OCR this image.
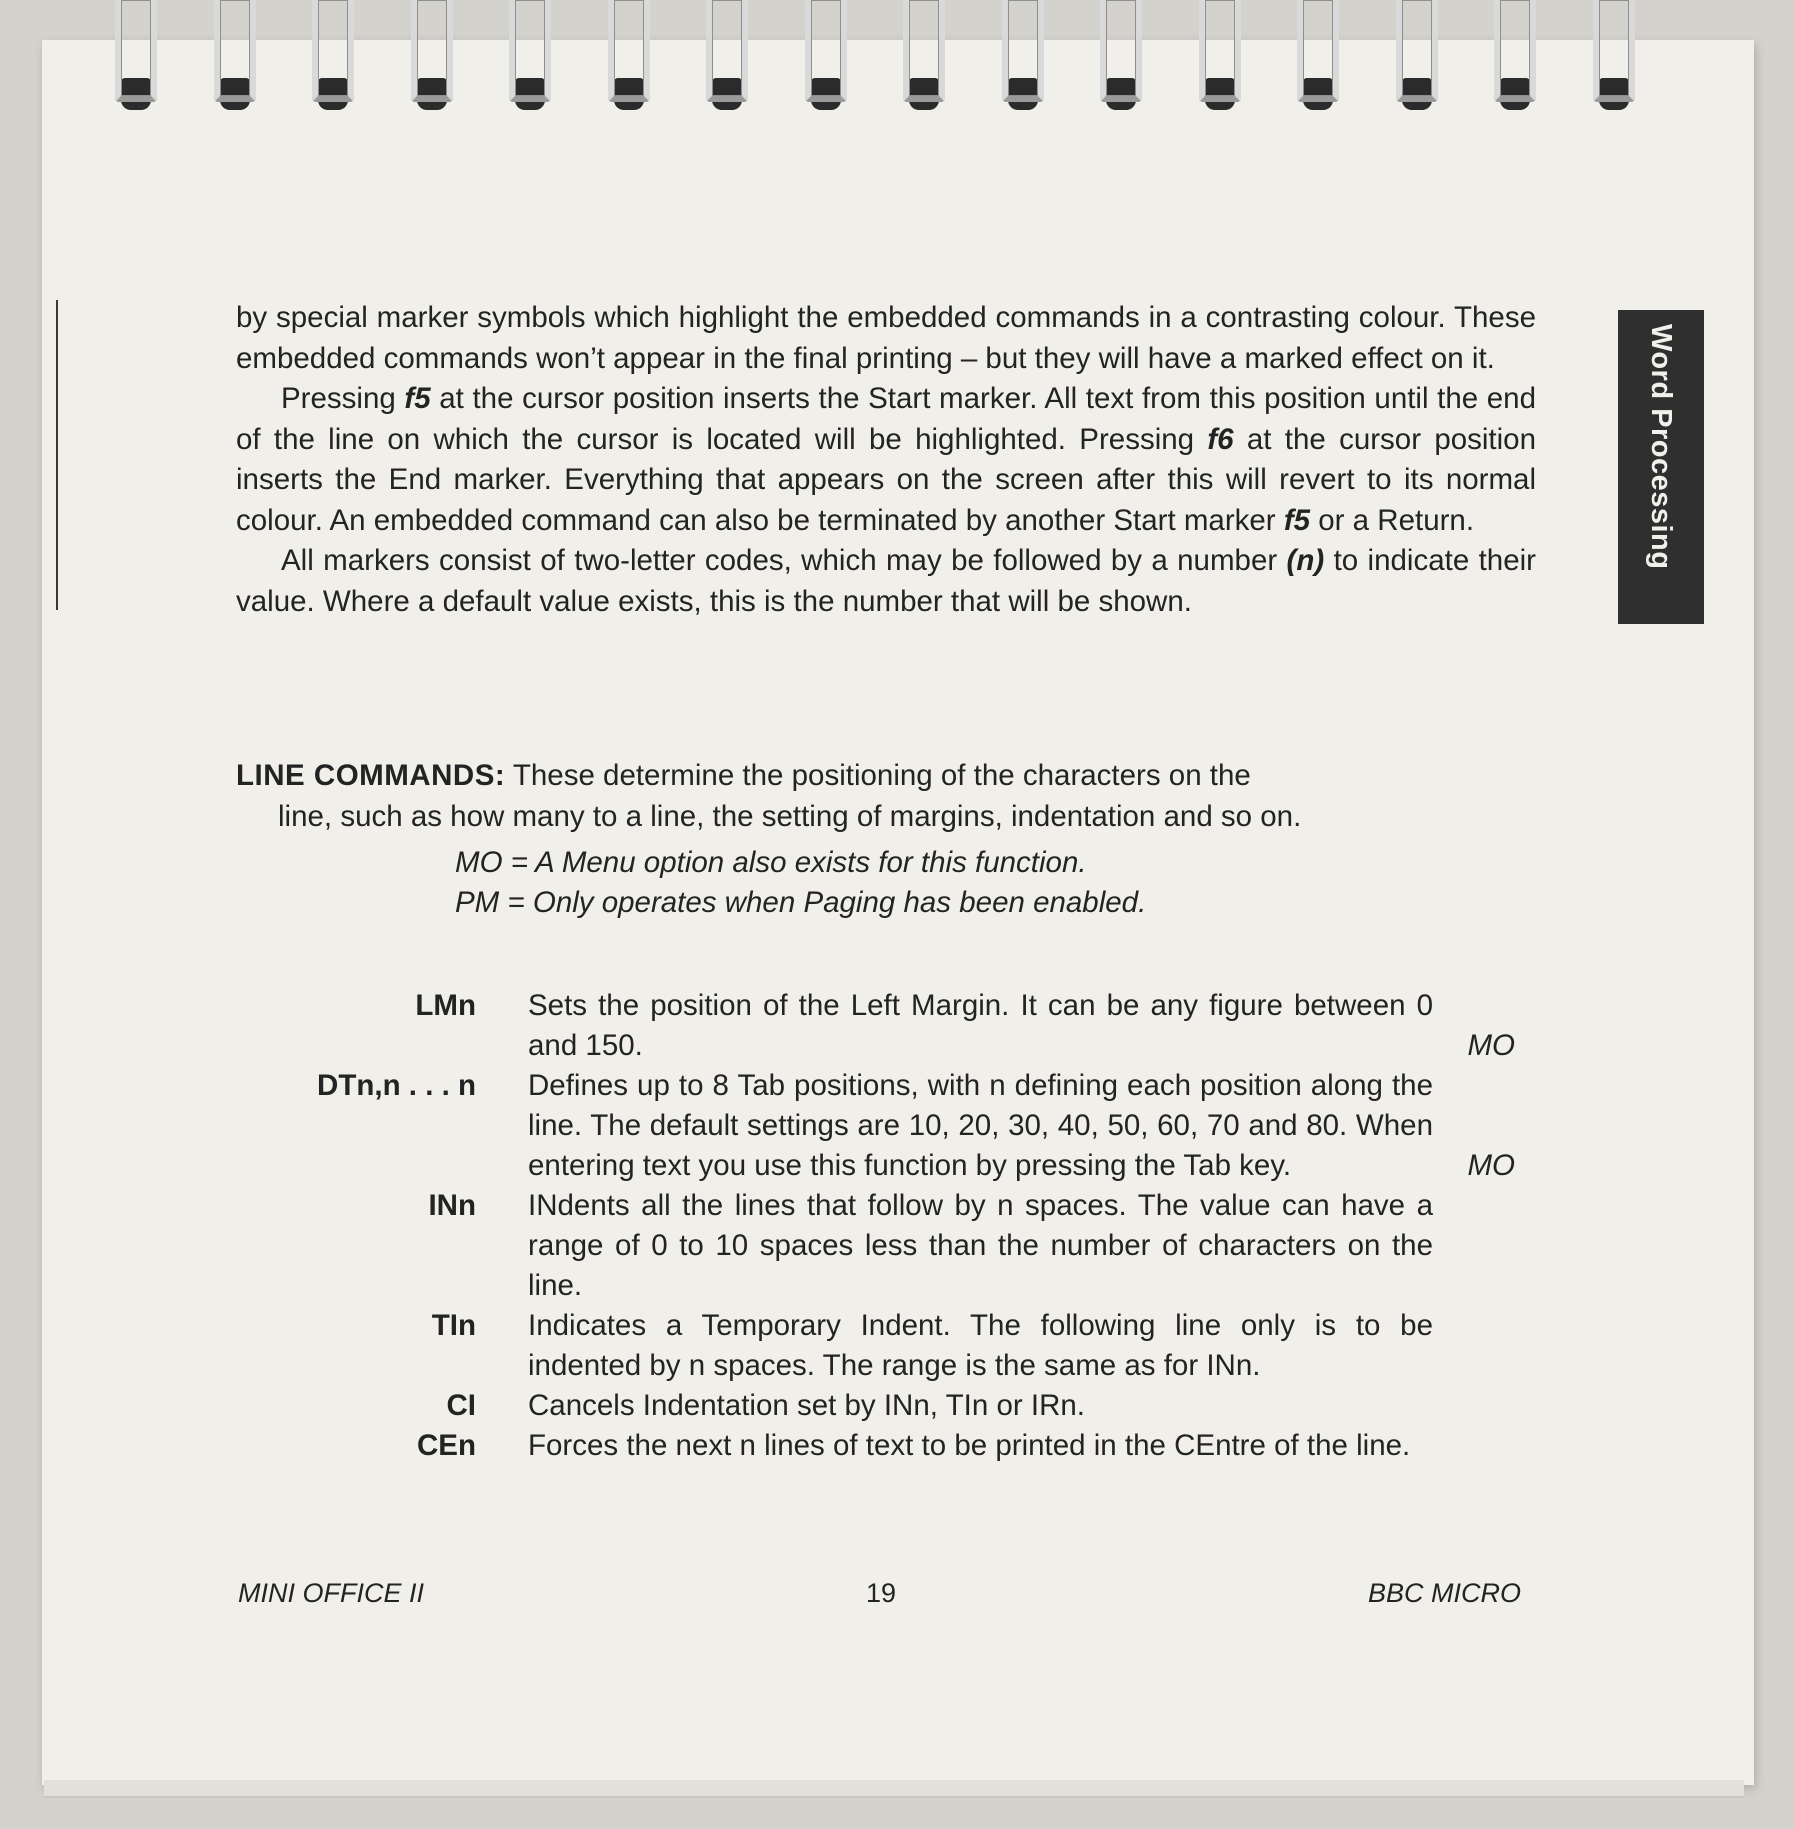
Word Processing

by special marker symbols which highlight the embedded commands in a contrasting colour. These embedded commands won’t appear in the final printing – but they will have a marked effect on it.

Pressing f5 at the cursor position inserts the Start marker. All text from this position until the end of the line on which the cursor is located will be highlighted. Pressing f6 at the cursor position inserts the End marker. Everything that appears on the screen after this will revert to its normal colour. An embedded command can also be terminated by another Start marker f5 or a Return.

All markers consist of two-letter codes, which may be followed by a number (n) to indicate their value. Where a default value exists, this is the number that will be shown.

LINE COMMANDS: These determine the positioning of the characters on the
line, such as how many to a line, the setting of margins, indentation and so on.
MO = A Menu option also exists for this function.
PM = Only operates when Paging has been enabled.
LMn	Sets the position of the Left Margin. It can be any figure between 0 and 150.	MO
DTn,n . . . n	Defines up to 8 Tab positions, with n defining each position along the line. The default settings are 10, 20, 30, 40, 50, 60, 70 and 80. When entering text you use this function by pressing the Tab key.	MO
INn	INdents all the lines that follow by n spaces. The value can have a range of 0 to 10 spaces less than the number of characters on the line.	
TIn	Indicates a Temporary Indent. The following line only is to be indented by n spaces. The range is the same as for INn.	
CI	Cancels Indentation set by INn, TIn or IRn.	
CEn	Forces the next n lines of text to be printed in the CEntre of the line.	
MINI OFFICE II	19	BBC MICRO
